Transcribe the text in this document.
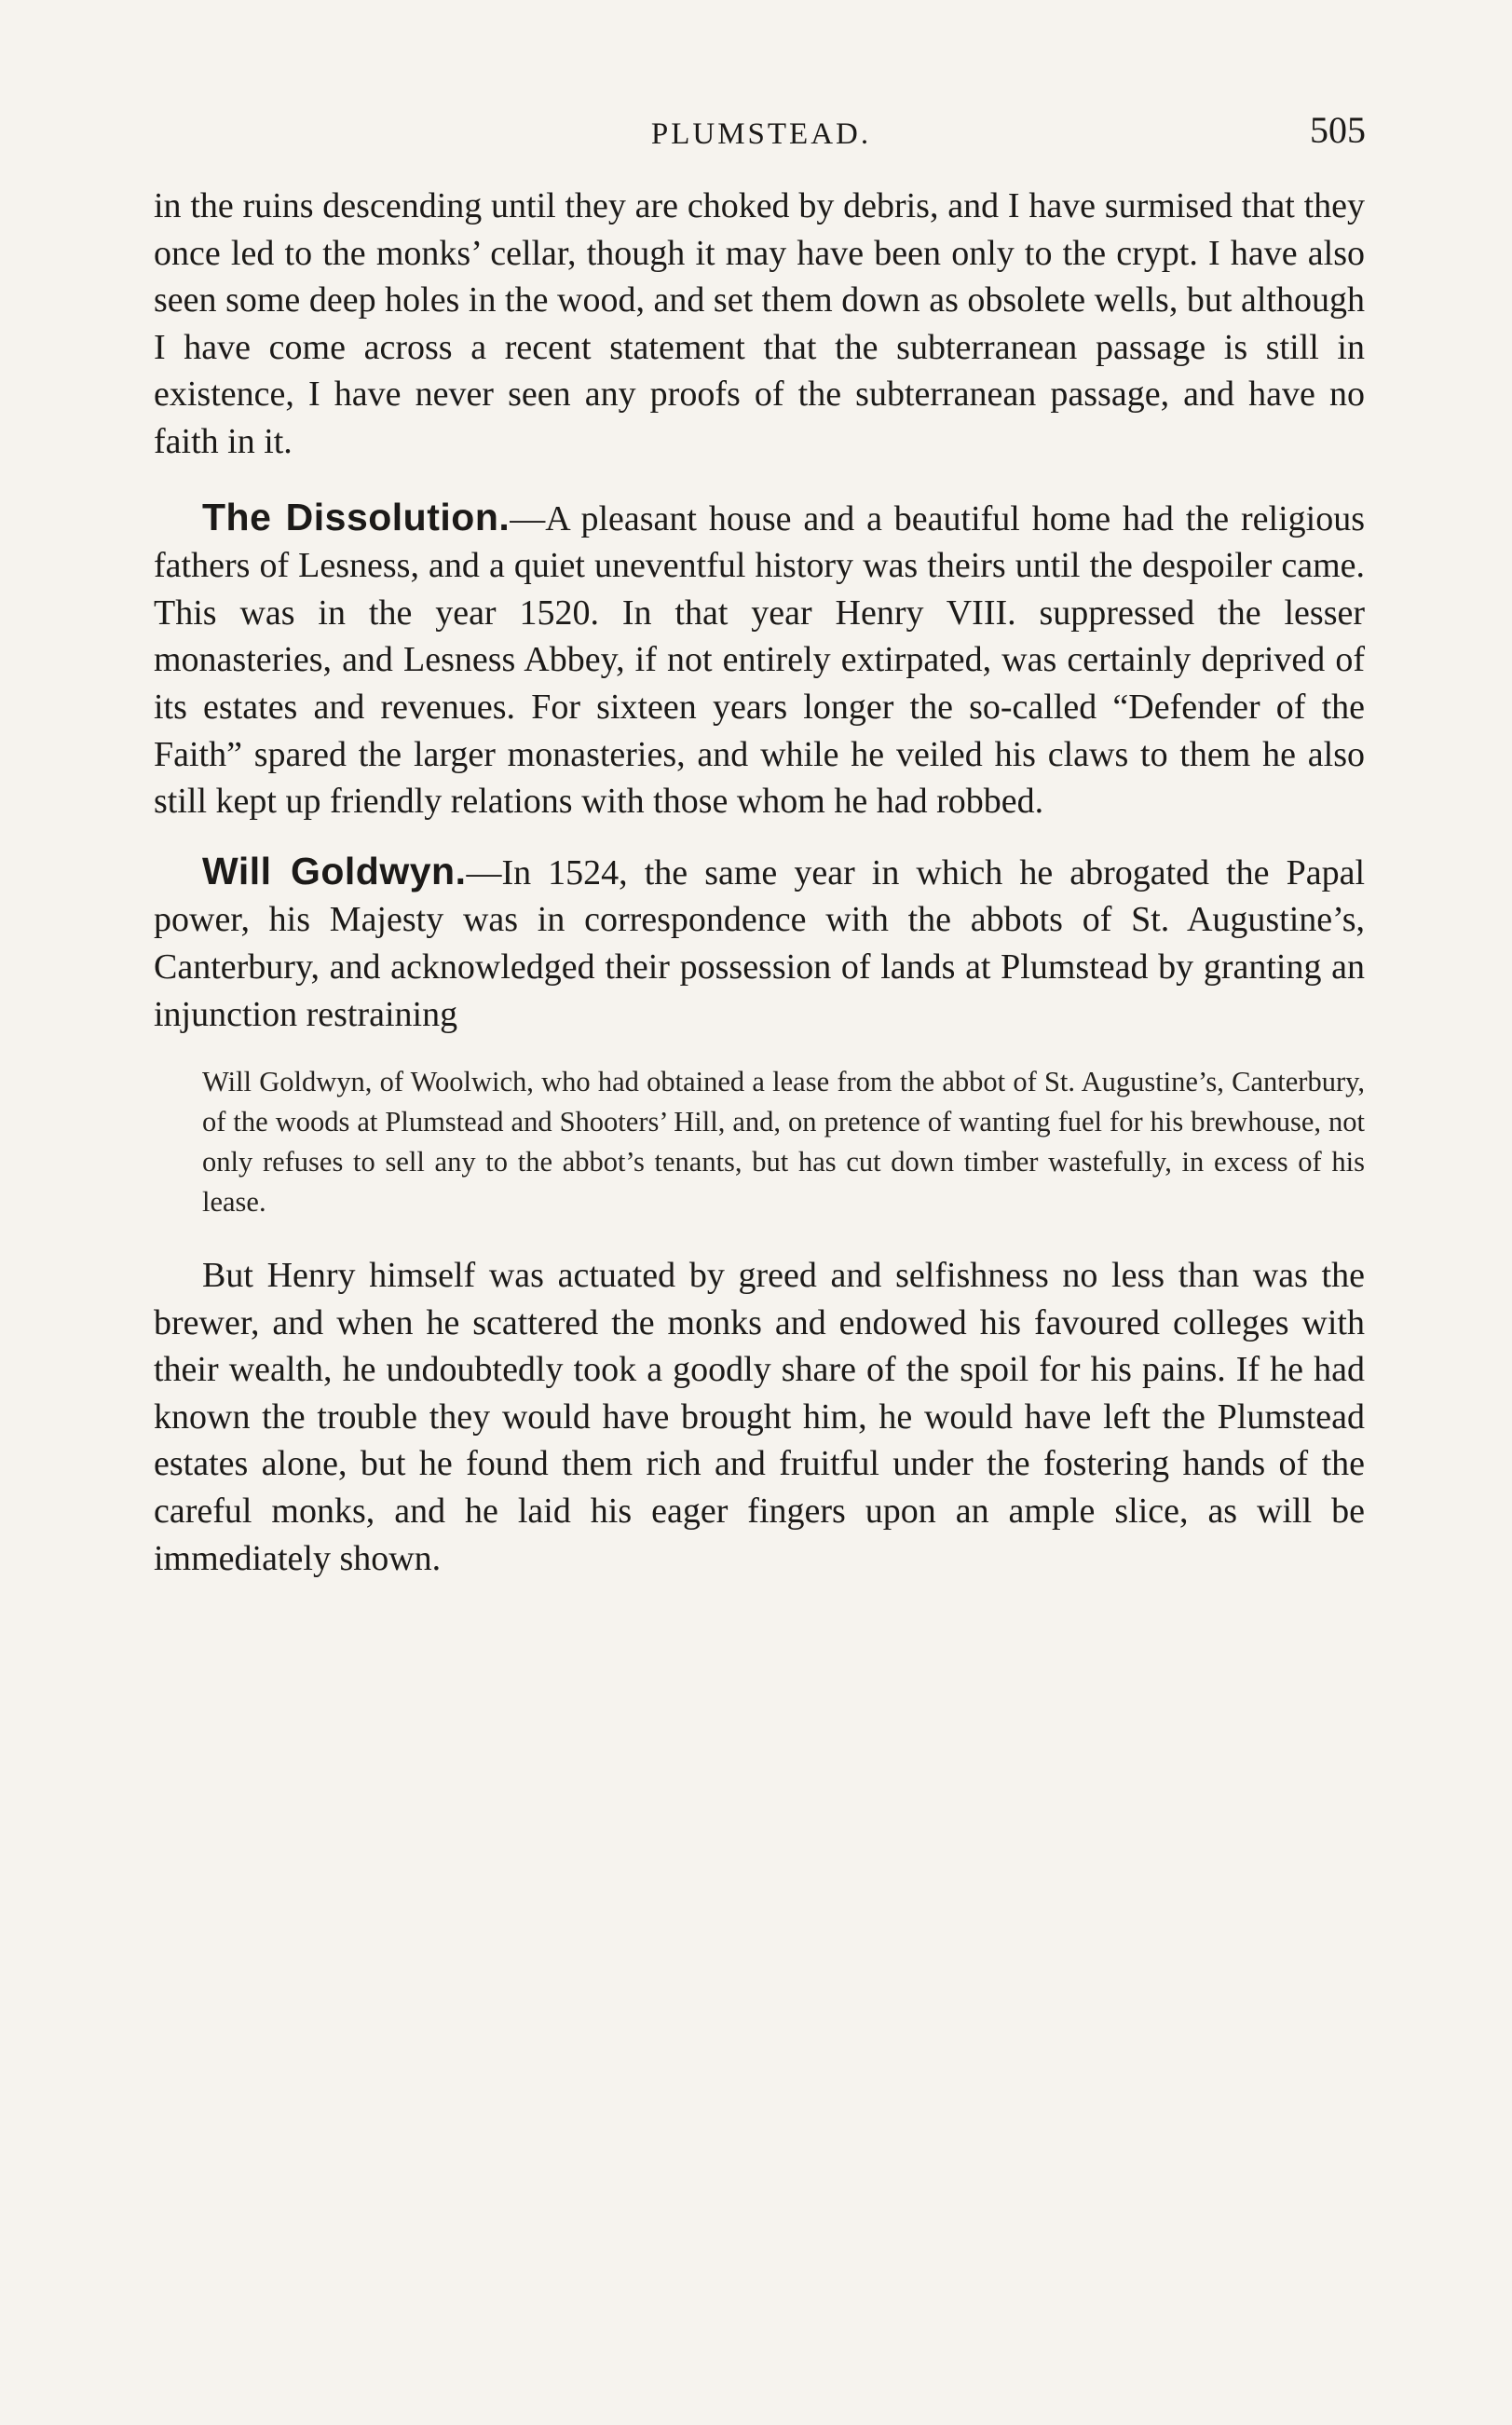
PLUMSTEAD.	505

in the ruins descending until they are choked by debris, and I have surmised that they once led to the monks’ cellar, though it may have been only to the crypt. I have also seen some deep holes in the wood, and set them down as obsolete wells, but although I have come across a recent statement that the subterranean passage is still in existence, I have never seen any proofs of the subterranean passage, and have no faith in it.

The Dissolution.—A pleasant house and a beautiful home had the religious fathers of Lesness, and a quiet uneventful history was theirs until the despoiler came. This was in the year 1520. In that year Henry VIII. suppressed the lesser monasteries, and Lesness Abbey, if not entirely extirpated, was certainly deprived of its estates and revenues. For sixteen years longer the so-called “Defender of the Faith” spared the larger monasteries, and while he veiled his claws to them he also still kept up friendly relations with those whom he had robbed.

Will Goldwyn.—In 1524, the same year in which he abrogated the Papal power, his Majesty was in correspondence with the abbots of St. Augustine’s, Canterbury, and acknowledged their possession of lands at Plumstead by granting an injunction restraining

Will Goldwyn, of Woolwich, who had obtained a lease from the abbot of St. Augustine’s, Canterbury, of the woods at Plumstead and Shooters’ Hill, and, on pretence of wanting fuel for his brewhouse, not only refuses to sell any to the abbot’s tenants, but has cut down timber wastefully, in excess of his lease.

But Henry himself was actuated by greed and selfishness no less than was the brewer, and when he scattered the monks and endowed his favoured colleges with their wealth, he undoubtedly took a goodly share of the spoil for his pains. If he had known the trouble they would have brought him, he would have left the Plumstead estates alone, but he found them rich and fruitful under the fostering hands of the careful monks, and he laid his eager fingers upon an ample slice, as will be immediately shown.
